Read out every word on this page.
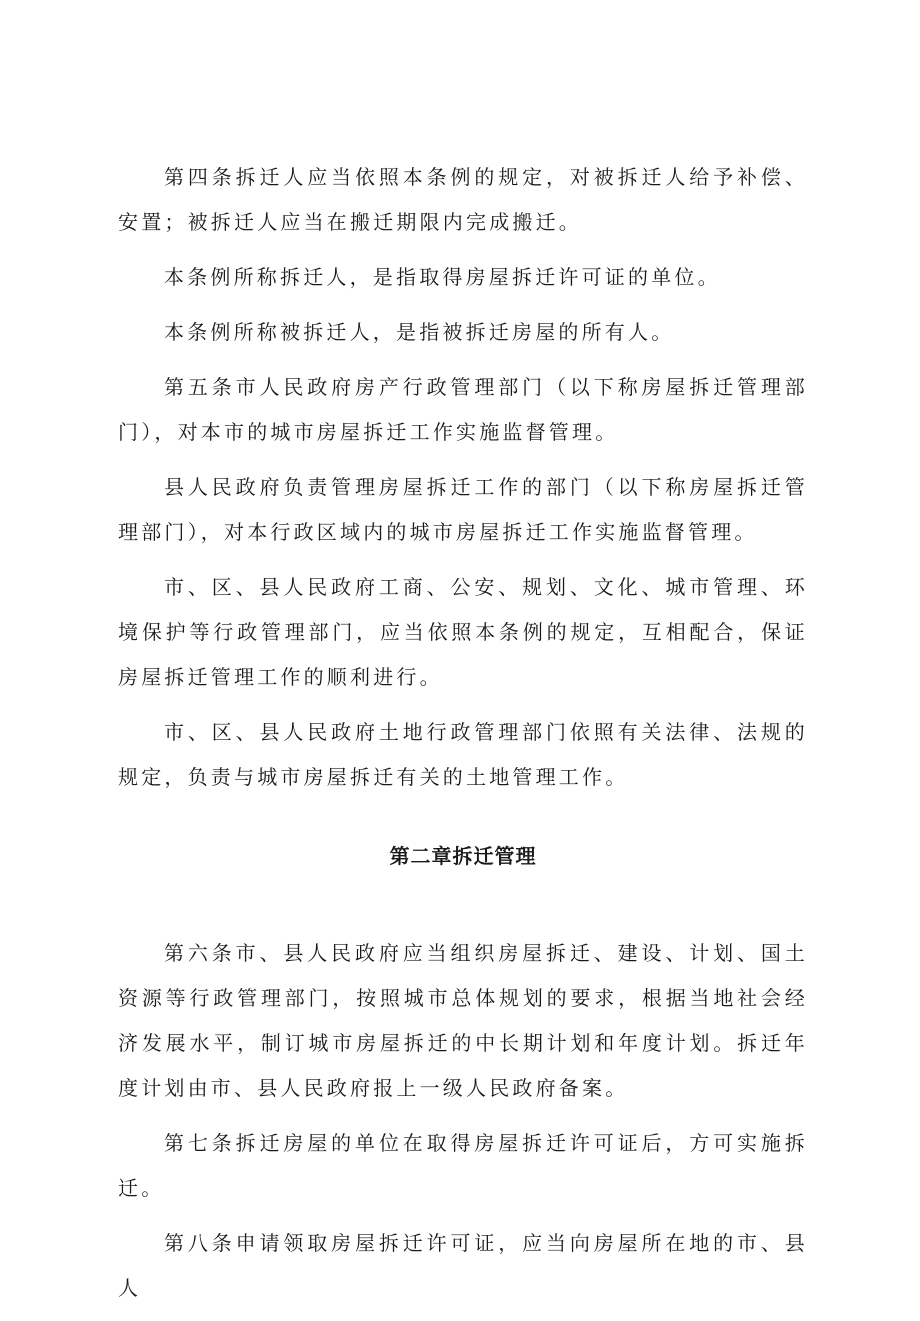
第四条拆迁人应当依照本条例的规定，对被拆迁人给予补偿、安置；被拆迁人应当在搬迁期限内完成搬迁。

本条例所称拆迁人，是指取得房屋拆迁许可证的单位。

本条例所称被拆迁人，是指被拆迁房屋的所有人。

第五条市人民政府房产行政管理部门（以下称房屋拆迁管理部门），对本市的城市房屋拆迁工作实施监督管理。

县人民政府负责管理房屋拆迁工作的部门（以下称房屋拆迁管理部门），对本行政区域内的城市房屋拆迁工作实施监督管理。

市、区、县人民政府工商、公安、规划、文化、城市管理、环境保护等行政管理部门，应当依照本条例的规定，互相配合，保证房屋拆迁管理工作的顺利进行。

市、区、县人民政府土地行政管理部门依照有关法律、法规的规定，负责与城市房屋拆迁有关的土地管理工作。

第二章拆迁管理

第六条市、县人民政府应当组织房屋拆迁、建设、计划、国土资源等行政管理部门，按照城市总体规划的要求，根据当地社会经济发展水平，制订城市房屋拆迁的中长期计划和年度计划。拆迁年度计划由市、县人民政府报上一级人民政府备案。

第七条拆迁房屋的单位在取得房屋拆迁许可证后，方可实施拆迁。

第八条申请领取房屋拆迁许可证，应当向房屋所在地的市、县人
